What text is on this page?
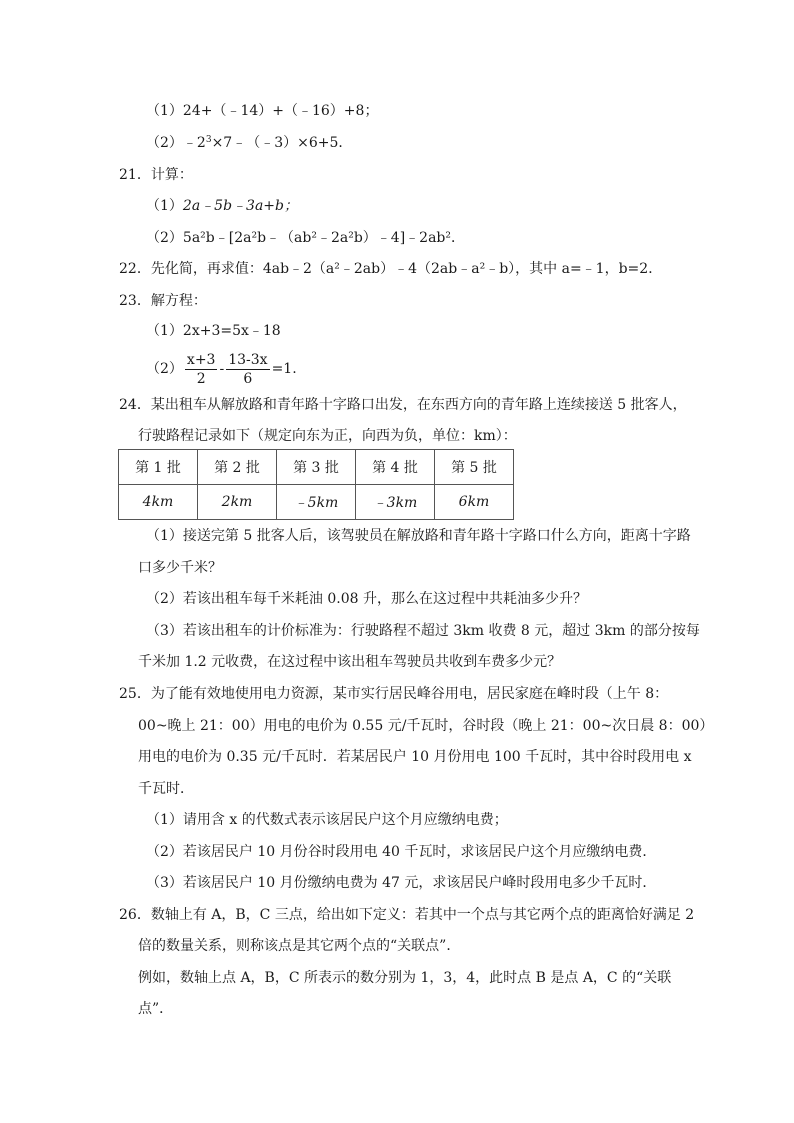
（1）24+（﹣14）+（﹣16）+8；
$(2)﹣2^3\times 7﹣(﹣3)\times 6+5$．
21．计算：
（1）2a﹣5b﹣3a+b；
（2）5a²b﹣[2a²b﹣（ab²﹣2a²b）﹣4]﹣2ab²．
22．先化简，再求值：4ab﹣2（a²﹣2ab）﹣4（2ab﹣a²﹣b），其中 a=﹣1，b=2．
23．解方程：
（1）2x+3=5x﹣18
$(2) \frac{x+3}{2} - \frac{13-3x}{6} =1$.
24．某出租车从解放路和青年路十字路口出发，在东西方向的青年路上连续接送 5 批客人，
行驶路程记录如下（规定向东为正，向西为负，单位：km）：
第 1 批	第 2 批	第 3 批	第 4 批	第 5 批
4km	2km	﹣5km	﹣3km	6km
（1）接送完第 5 批客人后，该驾驶员在解放路和青年路十字路口什么方向，距离十字路
口多少千米？
（2）若该出租车每千米耗油 0.08 升，那么在这过程中共耗油多少升？
（3）若该出租车的计价标准为：行驶路程不超过 3km 收费 8 元，超过 3km 的部分按每
千米加 1.2 元收费，在这过程中该出租车驾驶员共收到车费多少元？
25．为了能有效地使用电力资源，某市实行居民峰谷用电，居民家庭在峰时段（上午 8：
00~晚上 21：00）用电的电价为 0.55 元/千瓦时，谷时段（晚上 21：00~次日晨 8：00）
用电的电价为 0.35 元/千瓦时．若某居民户 10 月份用电 100 千瓦时，其中谷时段用电 x
千瓦时．
（1）请用含 x 的代数式表示该居民户这个月应缴纳电费；
（2）若该居民户 10 月份谷时段用电 40 千瓦时，求该居民户这个月应缴纳电费．
（3）若该居民户 10 月份缴纳电费为 47 元，求该居民户峰时段用电多少千瓦时．
26．数轴上有 A，B，C 三点，给出如下定义：若其中一个点与其它两个点的距离恰好满足 2
倍的数量关系，则称该点是其它两个点的“关联点”．
例如，数轴上点 A，B，C 所表示的数分别为 1，3，4，此时点 B 是点 A，C 的“关联
点”．
